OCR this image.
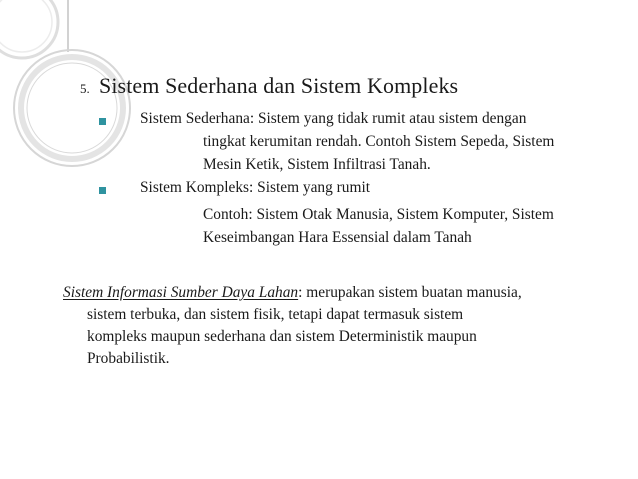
5. Sistem Sederhana dan Sistem Kompleks
Sistem Sederhana: Sistem yang tidak rumit atau sistem dengan
tingkat kerumitan rendah. Contoh Sistem Sepeda, Sistem
Mesin Ketik, Sistem Infiltrasi Tanah.
Sistem Kompleks: Sistem yang rumit
Contoh: Sistem Otak Manusia, Sistem Komputer, Sistem
Keseimbangan Hara Essensial dalam Tanah
Sistem Informasi Sumber Daya Lahan: merupakan sistem buatan manusia,
sistem terbuka, dan sistem fisik, tetapi dapat termasuk sistem
kompleks maupun sederhana dan sistem Deterministik maupun
Probabilistik.
